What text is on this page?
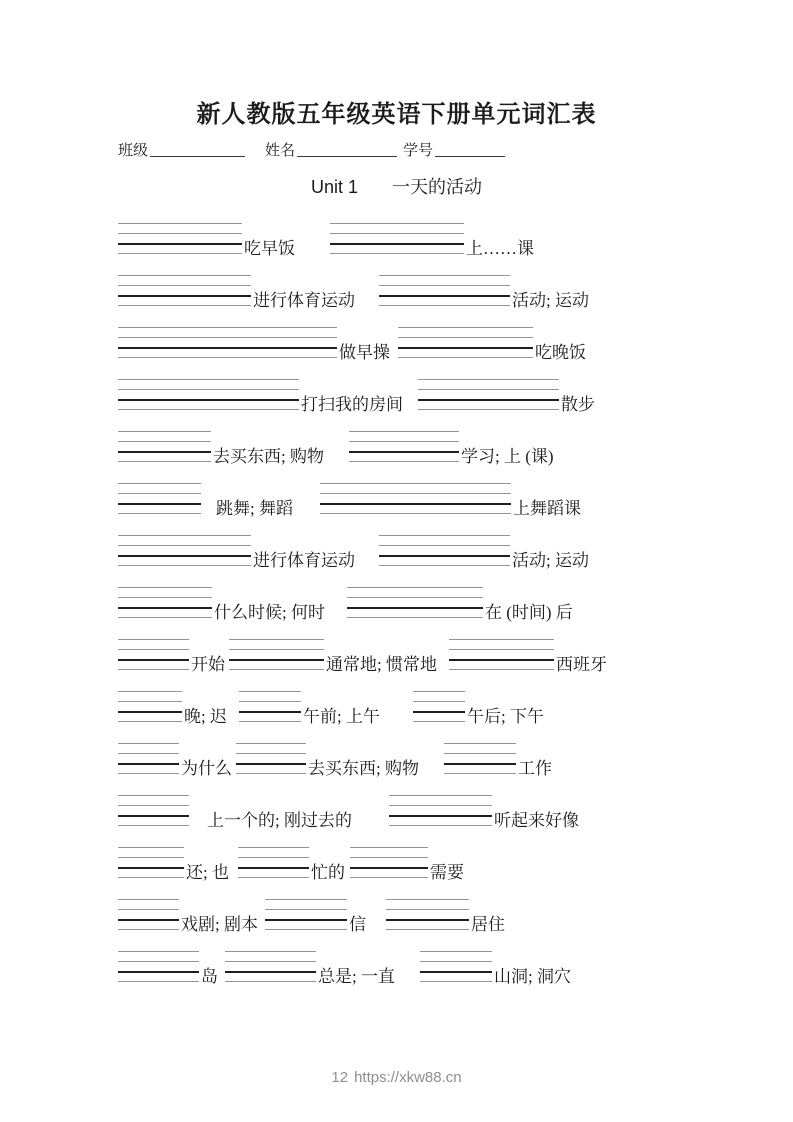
新人教版五年级英语下册单元词汇表
班级	姓名	学号
Unit 1 一天的活动
吃早饭	上……课
进行体育运动	活动; 运动
做早操	吃晚饭
打扫我的房间	散步
去买东西; 购物	学习; 上 (课)
跳舞; 舞蹈	上舞蹈课
进行体育运动	活动; 运动
什么时候; 何时	在 (时间) 后
开始	通常地; 惯常地	西班牙
晚; 迟	午前; 上午	午后; 下午
为什么	去买东西; 购物	工作
上一个的; 刚过去的	听起来好像
还; 也	忙的	需要
戏剧; 剧本	信	居住
岛	总是; 一直	山洞; 洞穴
12 https://xkw88.cn
